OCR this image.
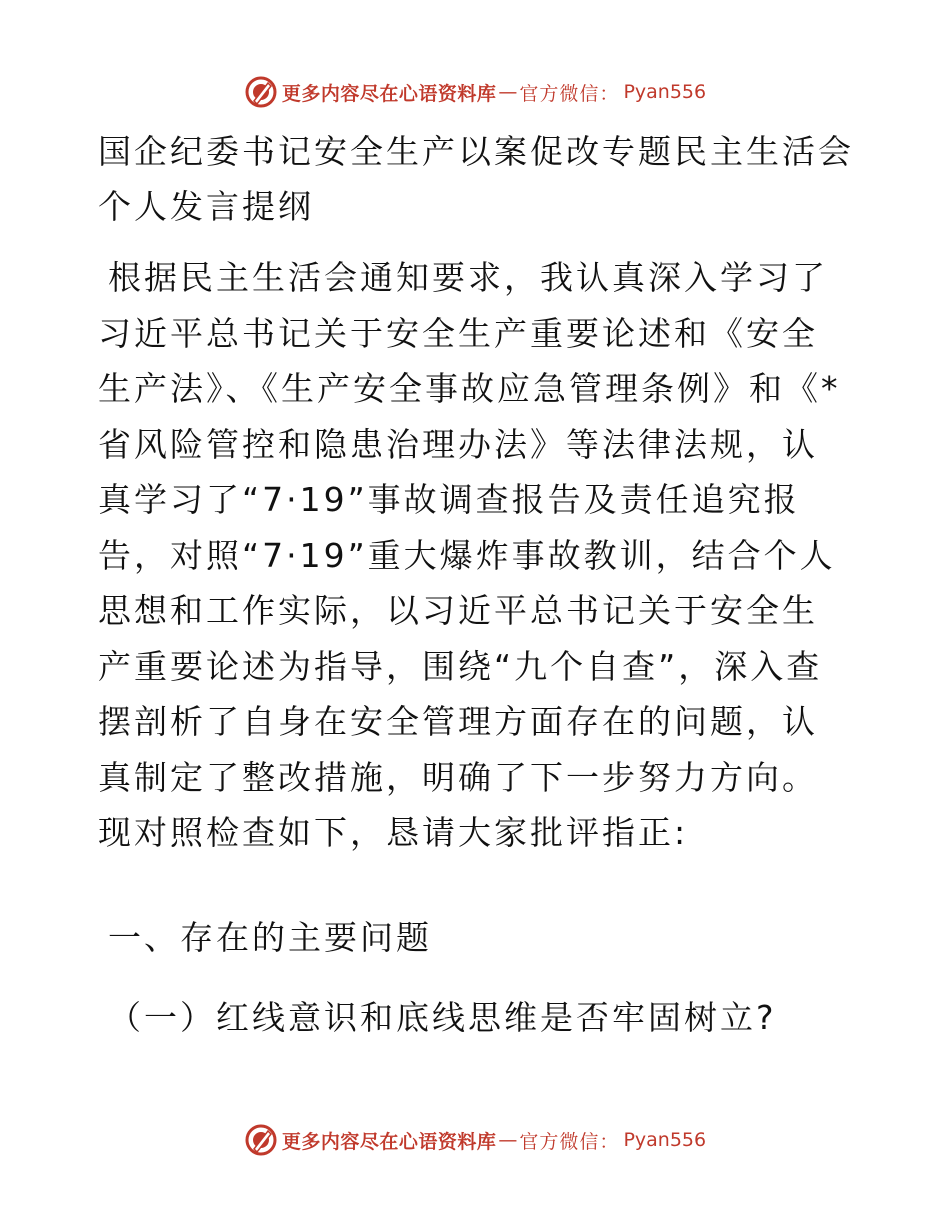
更多内容尽在心语资料库 — 官方微信： Pyan556
国企纪委书记安全生产以案促改专题民主生活会个人发言提纲

根据民主生活会通知要求，我认真深入学习了习近平总书记关于安全生产重要论述和《安全生产法》、《生产安全事故应急管理条例》和《*省风险管控和隐患治理办法》等法律法规，认真学习了“7·19”事故调查报告及责任追究报告，对照“7·19”重大爆炸事故教训，结合个人思想和工作实际，以习近平总书记关于安全生产重要论述为指导，围绕“九个自查”，深入查摆剖析了自身在安全管理方面存在的问题，认真制定了整改措施，明确了下一步努力方向。现对照检查如下，恳请大家批评指正:

一、存在的主要问题
（一）红线意识和底线思维是否牢固树立?
更多内容尽在心语资料库 — 官方微信： Pyan556
